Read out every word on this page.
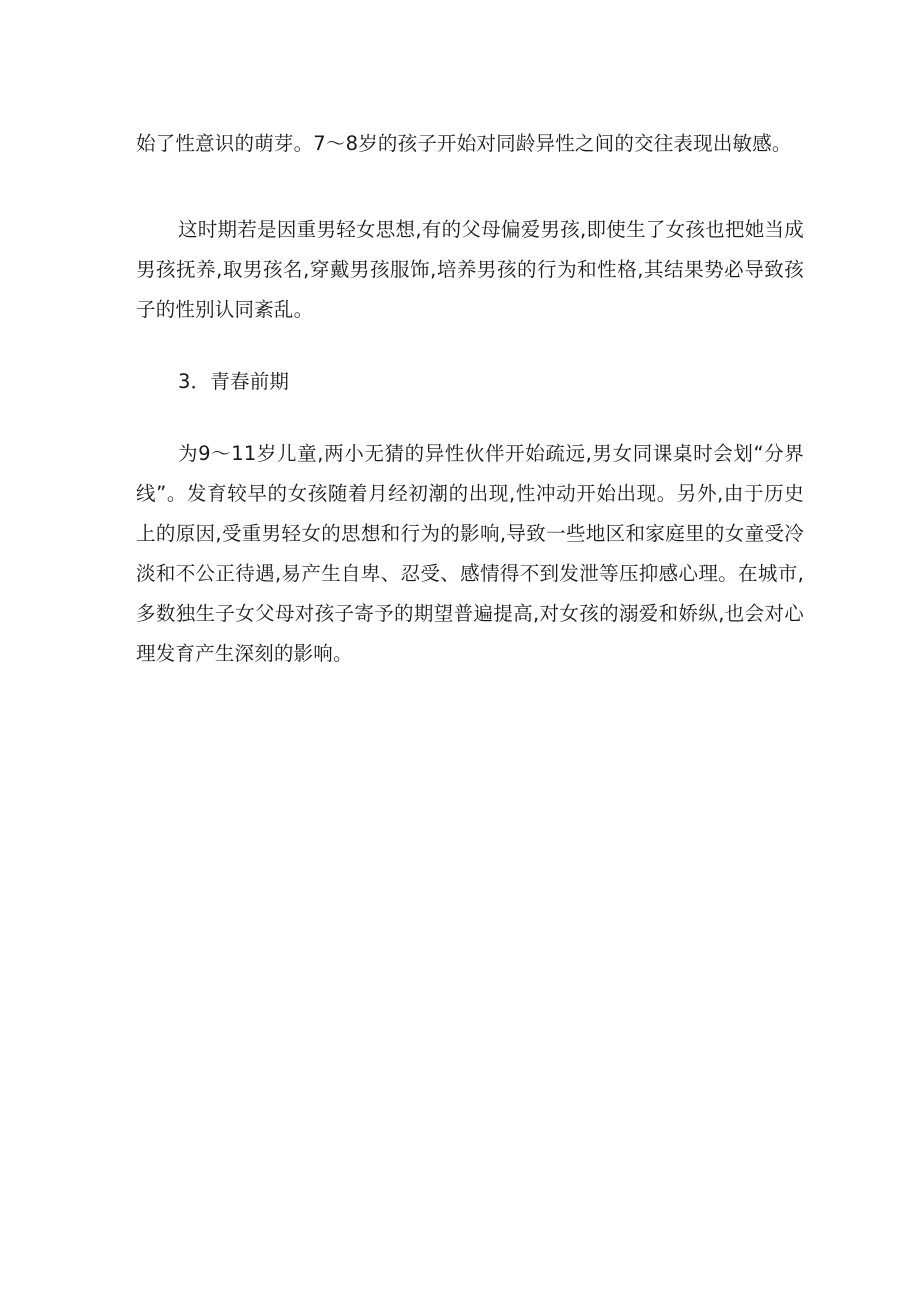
始了性意识的萌芽。7～8岁的孩子开始对同龄异性之间的交往表现出敏感。

这时期若是因重男轻女思想,有的父母偏爱男孩,即使生了女孩也把她当成男孩抚养,取男孩名,穿戴男孩服饰,培养男孩的行为和性格,其结果势必导致孩子的性别认同紊乱。

3．青春前期

为9～11岁儿童,两小无猜的异性伙伴开始疏远,男女同课桌时会划“分界线”。发育较早的女孩随着月经初潮的出现,性冲动开始出现。另外,由于历史上的原因,受重男轻女的思想和行为的影响,导致一些地区和家庭里的女童受冷淡和不公正待遇,易产生自卑、忍受、感情得不到发泄等压抑感心理。在城市,多数独生子女父母对孩子寄予的期望普遍提高,对女孩的溺爱和娇纵,也会对心理发育产生深刻的影响。
